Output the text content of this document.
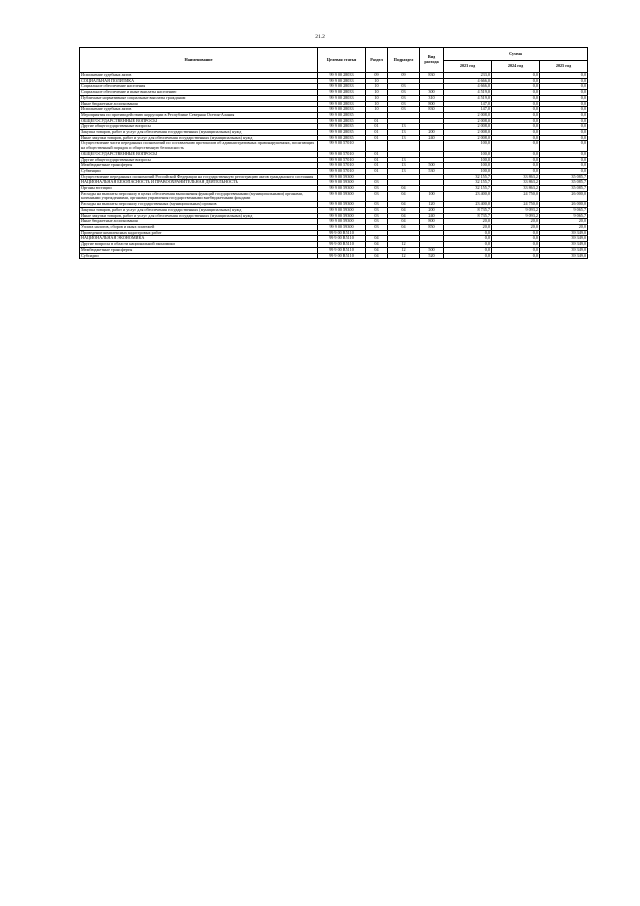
21.2
Наименование	Целевая статья	Раздел	Подраздел	Вид расхода	Сумма		
					2023 год	2024 год	2025 год
Исполнение судебных актов	99 9 00 28033	09	09	830	233,0	0,0	0,0
СОЦИАЛЬНАЯ ПОЛИТИКА	99 9 00 28033	10			4 666,0	0,0	0,0
Социальное обеспечение населения	99 9 00 28033	10	03		4 666,0	0,0	0,0
Социальное обеспечение и иные выплаты населению	99 9 00 28033	10	03	300	4 519,0	0,0	0,0
Публичные нормативные социальные выплаты гражданам	99 9 00 28033	10	03	310	4 519,0	0,0	0,0
Иные бюджетные ассигнования	99 9 00 28033	10	03	800	147,0	0,0	0,0
Исполнение судебных актов	99 9 00 28033	10	03	830	147,0	0,0	0,0
Мероприятия по противодействию коррупции в Республике Северная Осетия-Алания	99 9 00 28035				2 008,0	0,0	0,0
ОБЩЕГОСУДАРСТВЕННЫЕ ВОПРОСЫ	99 9 00 28035	01			2 008,0	0,0	0,0
Другие общегосударственные вопросы	99 9 00 28035	01	13		2 008,0	0,0	0,0
Закупка товаров, работ и услуг для обеспечения государственных (муниципальных) нужд	99 9 00 28035	01	13	200	2 008,0	0,0	0,0
Иные закупки товаров, работ и услуг для обеспечения государственных (муниципальных) нужд	99 9 00 28035	01	13	240	2 008,0	0,0	0,0
Осуществление части переданных полномочий по составлению протоколов об административных правонарушениях, посягающих на общественный порядок и общественную безопасность	99 9 00 57010				100,0	0,0	0,0
ОБЩЕГОСУДАРСТВЕННЫЕ ВОПРОСЫ	99 9 00 57010	01			100,0	0,0	0,0
Другие общегосударственные вопросы	99 9 00 57010	01	13		100,0	0,0	0,0
Межбюджетные трансферты	99 9 00 57010	01	13	500	100,0	0,0	0,0
Субвенции	99 9 00 57010	01	13	530	100,0	0,0	0,0
Осуществление переданных полномочий Российской Федерации на государственную регистрацию актов гражданского состояния	99 9 00 59300				32 155,7	33 863,2	35 085,7
НАЦИОНАЛЬНАЯ БЕЗОПАСНОСТЬ И ПРАВООХРАНИТЕЛЬНАЯ ДЕЯТЕЛЬНОСТЬ	99 9 00 59300	03			32 155,7	33 863,2	35 085,7
Органы юстиции	99 9 00 59300	03	04		32 155,7	33 863,2	35 085,7
Расходы на выплаты персоналу в целях обеспечения выполнения функций государственными (муниципальными) органами, казенными учреждениями, органами управления государственными внебюджетными фондами	99 9 00 59300	03	04	100	23 400,0	24 750,0	26 000,0
Расходы на выплаты персоналу государственных (муниципальных) органов	99 9 00 59300	03	04	120	23 400,0	24 750,0	26 000,0
Закупка товаров, работ и услуг для обеспечения государственных (муниципальных) нужд	99 9 00 59300	03	04	200	8 735,7	9 093,2	9 065,7
Иные закупки товаров, работ и услуг для обеспечения государственных (муниципальных) нужд	99 9 00 59300	03	04	240	8 735,7	9 093,2	9 065,7
Иные бюджетные ассигнования	99 9 00 59300	03	04	800	20,0	20,0	20,0
Уплата налогов, сборов и иных платежей	99 9 00 59300	03	04	850	20,0	20,0	20,0
Проведение комплексных кадастровых работ	99 9 00 R5110				0,0	0,0	39 349,0
НАЦИОНАЛЬНАЯ ЭКОНОМИКА	99 9 00 R5110	04			0,0	0,0	39 349,0
Другие вопросы в области национальной экономики	99 9 00 R5110	04	12		0,0	0,0	39 349,0
Межбюджетные трансферты	99 9 00 R5110	04	12	500	0,0	0,0	39 349,0
Субсидии	99 9 00 R5110	04	12	520	0,0	0,0	39 349,0
